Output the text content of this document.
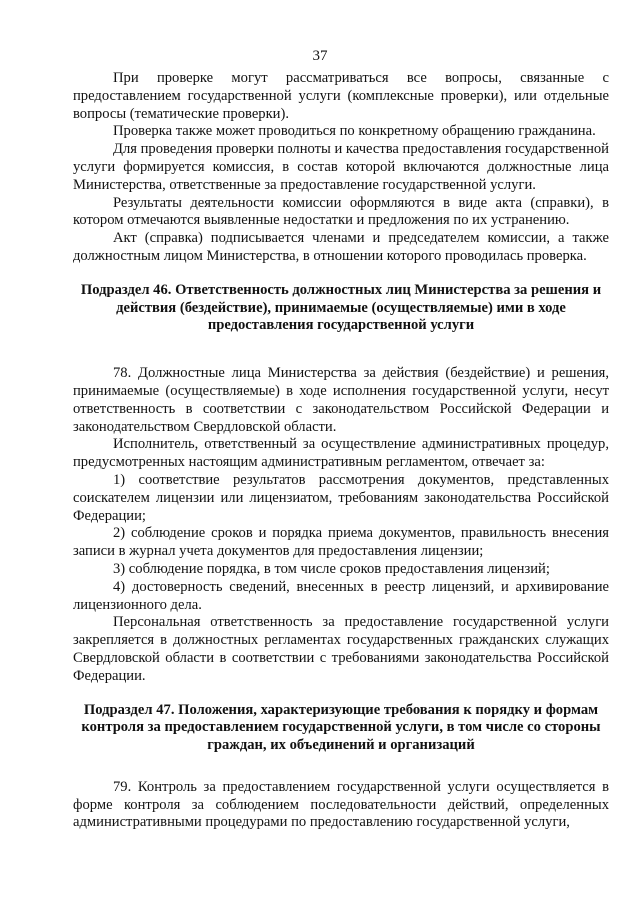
37

При проверке могут рассматриваться все вопросы, связанные с предоставлением государственной услуги (комплексные проверки), или отдельные вопросы (тематические проверки).

Проверка также может проводиться по конкретному обращению гражданина.

Для проведения проверки полноты и качества предоставления государственной услуги формируется комиссия, в состав которой включаются должностные лица Министерства, ответственные за предоставление государственной услуги.

Результаты деятельности комиссии оформляются в виде акта (справки), в котором отмечаются выявленные недостатки и предложения по их устранению.

Акт (справка) подписывается членами и председателем комиссии, а также должностным лицом Министерства, в отношении которого проводилась проверка.

Подраздел 46. Ответственность должностных лиц Министерства за решения и действия (бездействие), принимаемые (осуществляемые) ими в ходе предоставления государственной услуги

78. Должностные лица Министерства за действия (бездействие) и решения, принимаемые (осуществляемые) в ходе исполнения государственной услуги, несут ответственность в соответствии с законодательством Российской Федерации и законодательством Свердловской области.

Исполнитель, ответственный за осуществление административных процедур, предусмотренных настоящим административным регламентом, отвечает за:

1) соответствие результатов рассмотрения документов, представленных соискателем лицензии или лицензиатом, требованиям законодательства Российской Федерации;

2) соблюдение сроков и порядка приема документов, правильность внесения записи в журнал учета документов для предоставления лицензии;

3) соблюдение порядка, в том числе сроков предоставления лицензий;

4) достоверность сведений, внесенных в реестр лицензий, и архивирование лицензионного дела.

Персональная ответственность за предоставление государственной услуги закрепляется в должностных регламентах государственных гражданских служащих Свердловской области в соответствии с требованиями законодательства Российской Федерации.

Подраздел 47. Положения, характеризующие требования к порядку и формам контроля за предоставлением государственной услуги, в том числе со стороны граждан, их объединений и организаций

79. Контроль за предоставлением государственной услуги осуществляется в форме контроля за соблюдением последовательности действий, определенных административными процедурами по предоставлению государственной услуги,
